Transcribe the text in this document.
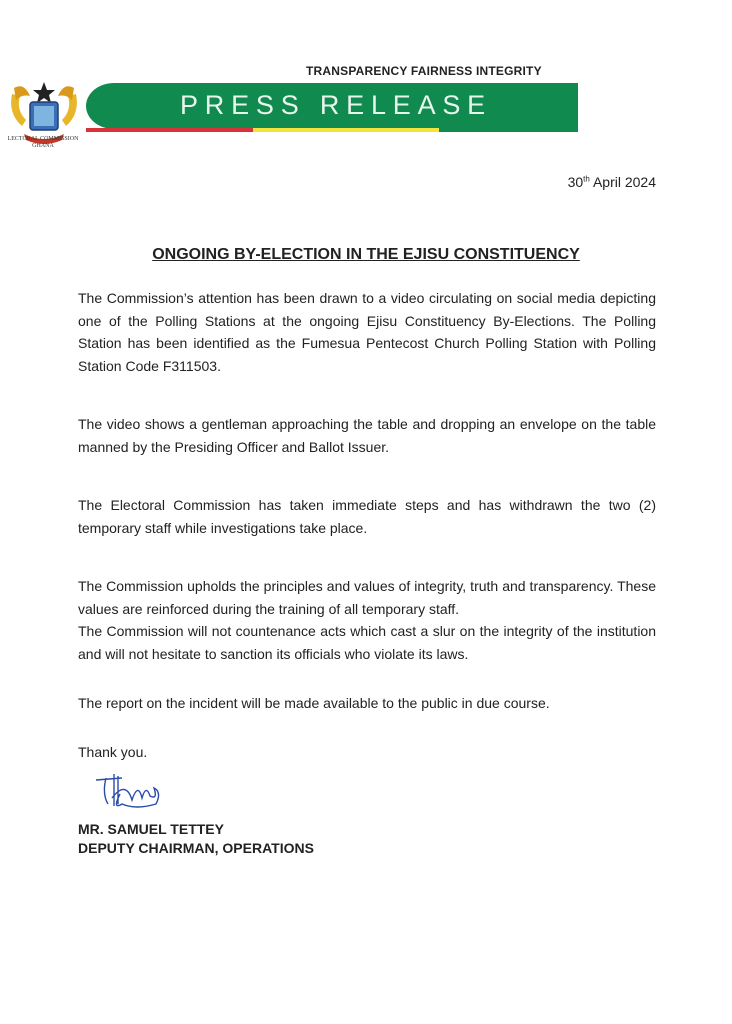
LECTORAL COMMISSION
GHANA
TRANSPARENCY FAIRNESS INTEGRITY
PRESS RELEASE
30th April 2024
ONGOING BY-ELECTION IN THE EJISU CONSTITUENCY
The Commission’s attention has been drawn to a video circulating on social media depicting one of the Polling Stations at the ongoing Ejisu Constituency By-Elections. The Polling Station has been identified as the Fumesua Pentecost Church Polling Station with Polling Station Code F311503.
The video shows a gentleman approaching the table and dropping an envelope on the table manned by the Presiding Officer and Ballot Issuer.
The Electoral Commission has taken immediate steps and has withdrawn the two (2) temporary staff while investigations take place.
The Commission upholds the principles and values of integrity, truth and transparency. These values are reinforced during the training of all temporary staff.
The Commission will not countenance acts which cast a slur on the integrity of the institution and will not hesitate to sanction its officials who violate its laws.
The report on the incident will be made available to the public in due course.
Thank you.
MR. SAMUEL TETTEY
DEPUTY CHAIRMAN, OPERATIONS
